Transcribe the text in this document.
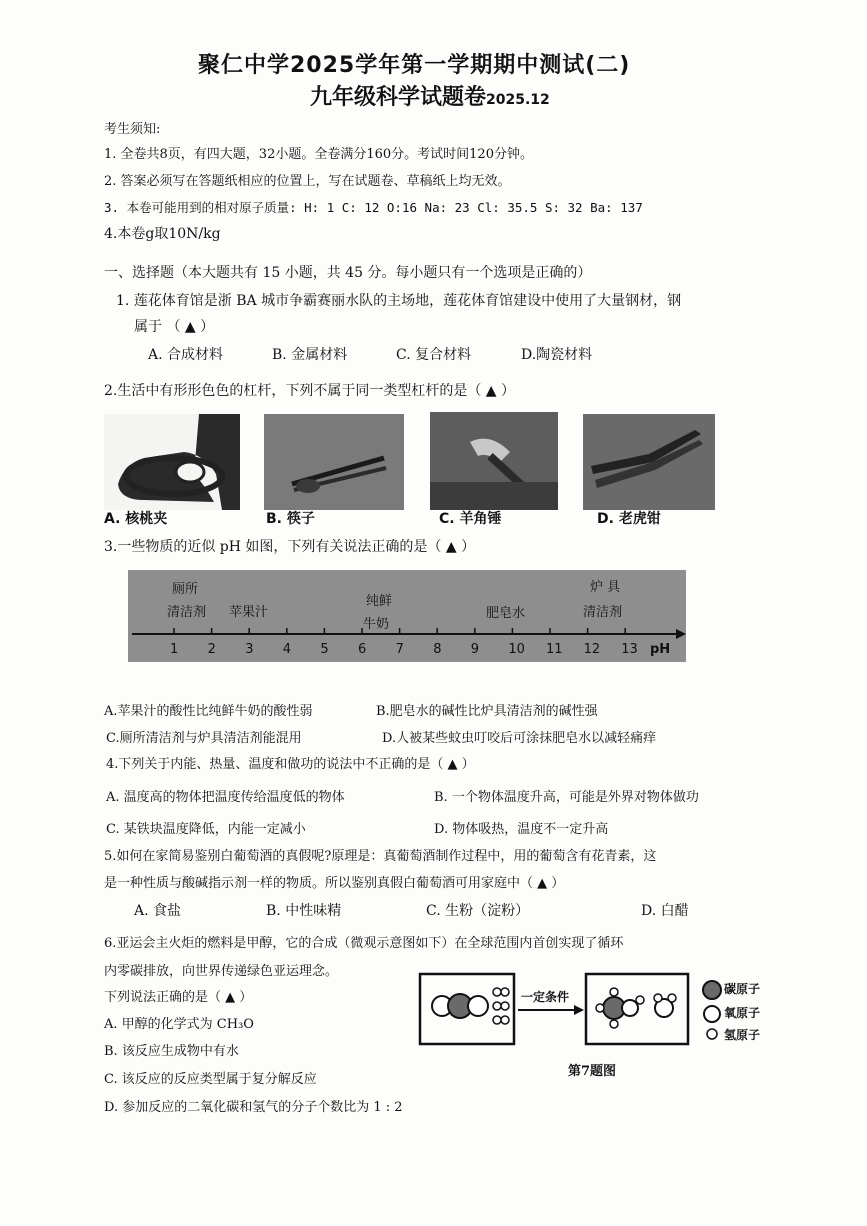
聚仁中学2025学年第一学期期中测试(二)
九年级科学试题卷2025.12
考生须知:
1. 全卷共8页，有四大题，32小题。全卷满分160分。考试时间120分钟。
2. 答案必须写在答题纸相应的位置上，写在试题卷、草稿纸上均无效。
3. 本卷可能用到的相对原子质量: H: 1 C: 12 O:16 Na: 23 Cl: 35.5 S: 32 Ba: 137
4.本卷g取10N/kg
一、选择题（本大题共有 15 小题，共 45 分。每小题只有一个选项是正确的）
1. 莲花体育馆是浙 BA 城市争霸赛丽水队的主场地，莲花体育馆建设中使用了大量钢材，钢
属于 （ ▲ ）
A. 合成材料	B. 金属材料	C. 复合材料	D.陶瓷材料
2.生活中有形形色色的杠杆，下列不属于同一类型杠杆的是（ ▲ ）
A. 核桃夹	B. 筷子	C. 羊角锤	D. 老虎钳
3.一些物质的近似 pH 如图，下列有关说法正确的是（ ▲ ）
厕所
清洁剂 苹果汁
纯鲜
牛奶
肥皂水
炉 具
清洁剂
1 2 3 4 5 6 7 8 9 10 11 12 13 pH
A.苹果汁的酸性比纯鲜牛奶的酸性弱	B.肥皂水的碱性比炉具清洁剂的碱性强
C.厕所清洁剂与炉具清洁剂能混用	D.人被某些蚊虫叮咬后可涂抹肥皂水以减轻痛痒
4.下列关于内能、热量、温度和做功的说法中不正确的是（ ▲ ）
A. 温度高的物体把温度传给温度低的物体	B. 一个物体温度升高，可能是外界对物体做功
C. 某铁块温度降低，内能一定减小	D. 物体吸热，温度不一定升高
5.如何在家简易鉴别白葡萄酒的真假呢?原理是：真葡萄酒制作过程中，用的葡萄含有花青素，这
是一种性质与酸碱指示剂一样的物质。所以鉴别真假白葡萄酒可用家庭中（ ▲ ）
A. 食盐	B. 中性味精	C. 生粉（淀粉）	D. 白醋
6.亚运会主火炬的燃料是甲醇，它的合成（微观示意图如下）在全球范围内首创实现了循环
内零碳排放，向世界传递绿色亚运理念。
下列说法正确的是（ ▲ ）
A. 甲醇的化学式为 CH₃O
B. 该反应生成物中有水
C. 该反应的反应类型属于复分解反应
D. 参加反应的二氧化碳和氢气的分子个数比为 1 : 2
一定条件
第7题图
碳原子
氧原子
氢原子
